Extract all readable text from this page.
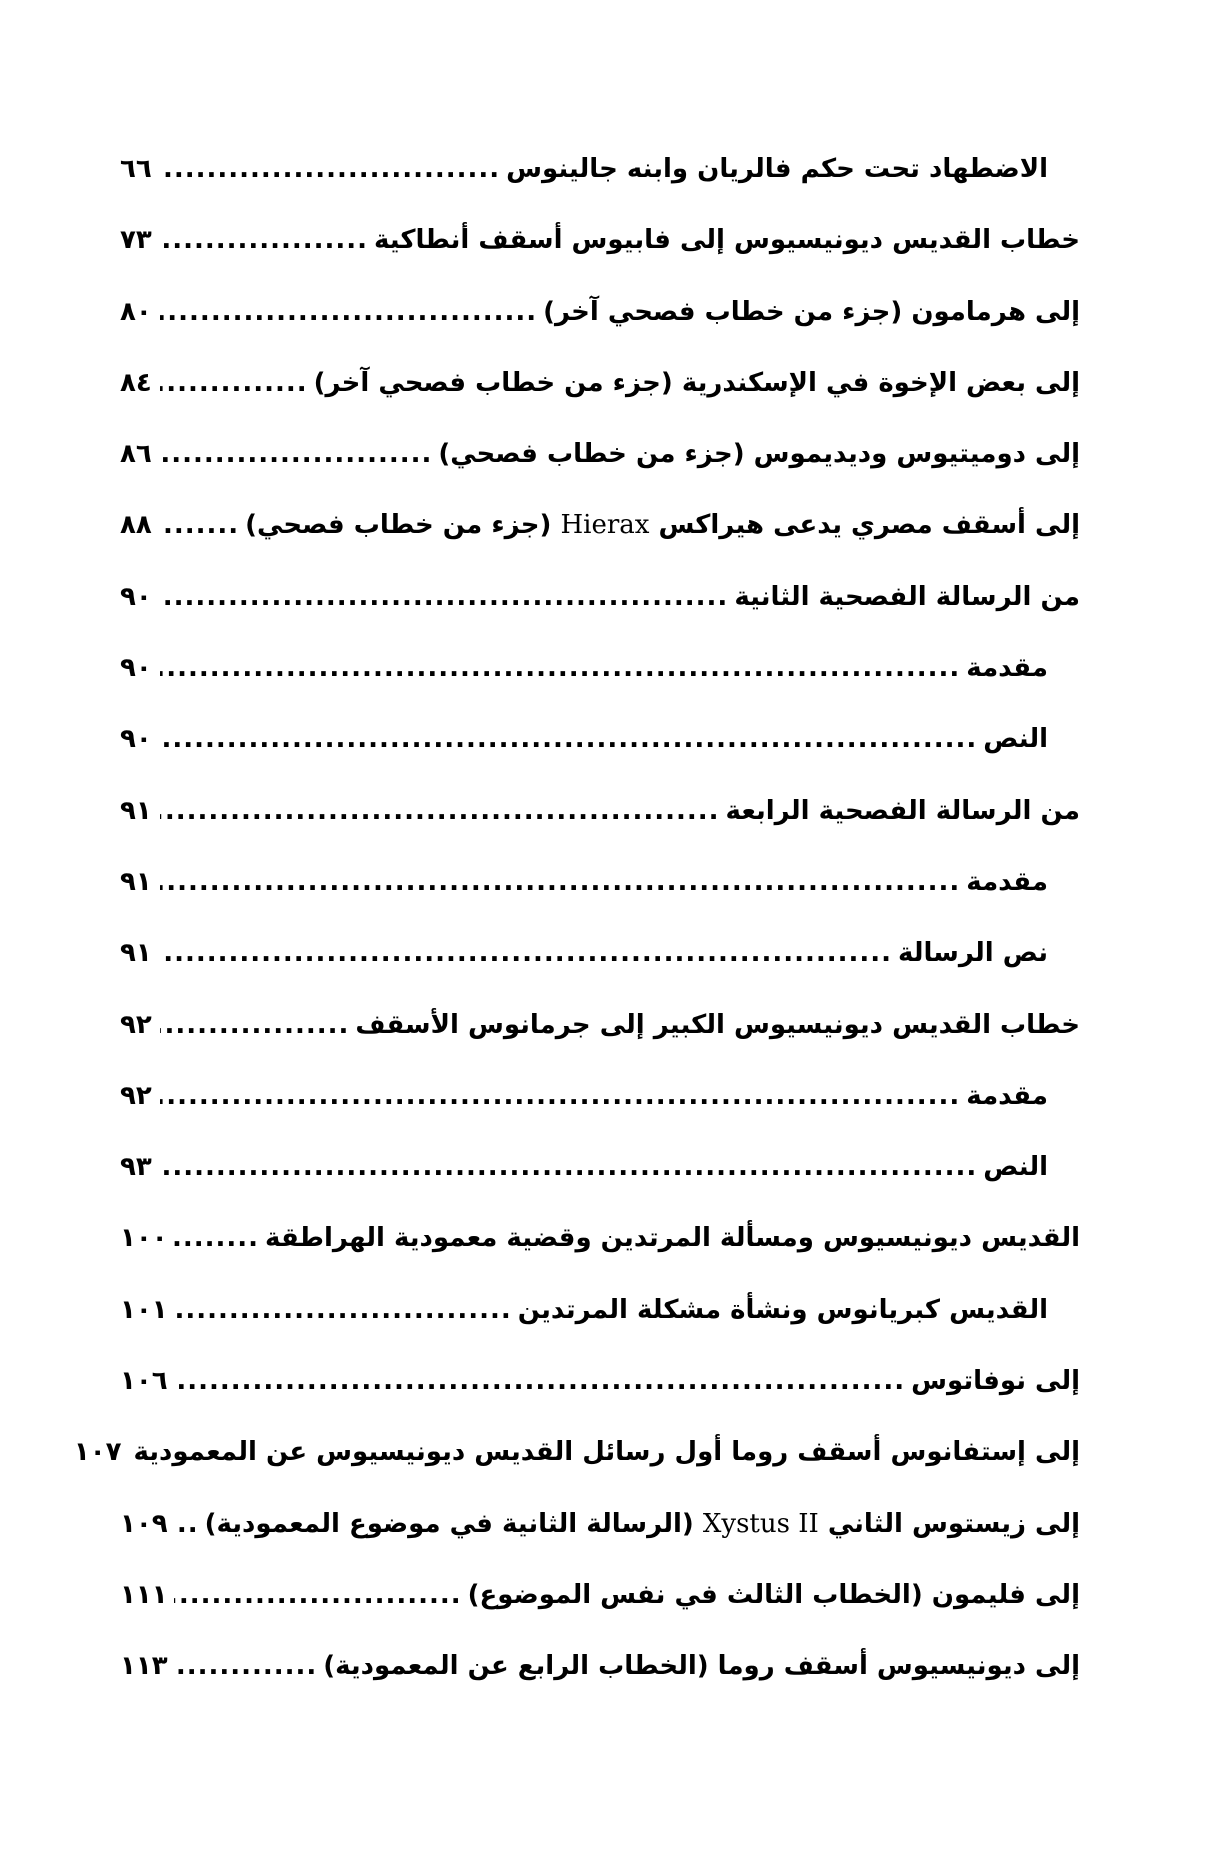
الاضطهاد تحت حكم فالريان وابنه جالينوس
.....
٦٦
خطاب القديس ديونيسيوس إلى فابيوس أسقف أنطاكية
.....
٧٣
إلى هرمامون (جزء من خطاب فصحي آخر)
.....
٨٠
إلى بعض الإخوة في الإسكندرية (جزء من خطاب فصحي آخر)
.....
٨٤
إلى دوميتيوس وديديموس (جزء من خطاب فصحي)
.....
٨٦
إلى أسقف مصري يدعى هيراكس Hierax (جزء من خطاب فصحي)
.....
٨٨
من الرسالة الفصحية الثانية
.....
٩٠
مقدمة
.....
٩٠
النص
.....
٩٠
من الرسالة الفصحية الرابعة
.....
٩١
مقدمة
.....
٩١
نص الرسالة
.....
٩١
خطاب القديس ديونيسيوس الكبير إلى جرمانوس الأسقف
.....
٩٢
مقدمة
.....
٩٢
النص
.....
٩٣
القديس ديونيسيوس ومسألة المرتدين وقضية معمودية الهراطقة
.....
١٠٠
القديس كبريانوس ونشأة مشكلة المرتدين
.....
١٠١
إلى نوفاتوس
.....
١٠٦
إلى إستفانوس أسقف روما أول رسائل القديس ديونيسيوس عن المعمودية
١٠٧
إلى زيستوس الثاني Xystus II (الرسالة الثانية في موضوع المعمودية)
.....
١٠٩
إلى فليمون (الخطاب الثالث في نفس الموضوع)
.....
١١١
إلى ديونيسيوس أسقف روما (الخطاب الرابع عن المعمودية)
.....
١١٣
